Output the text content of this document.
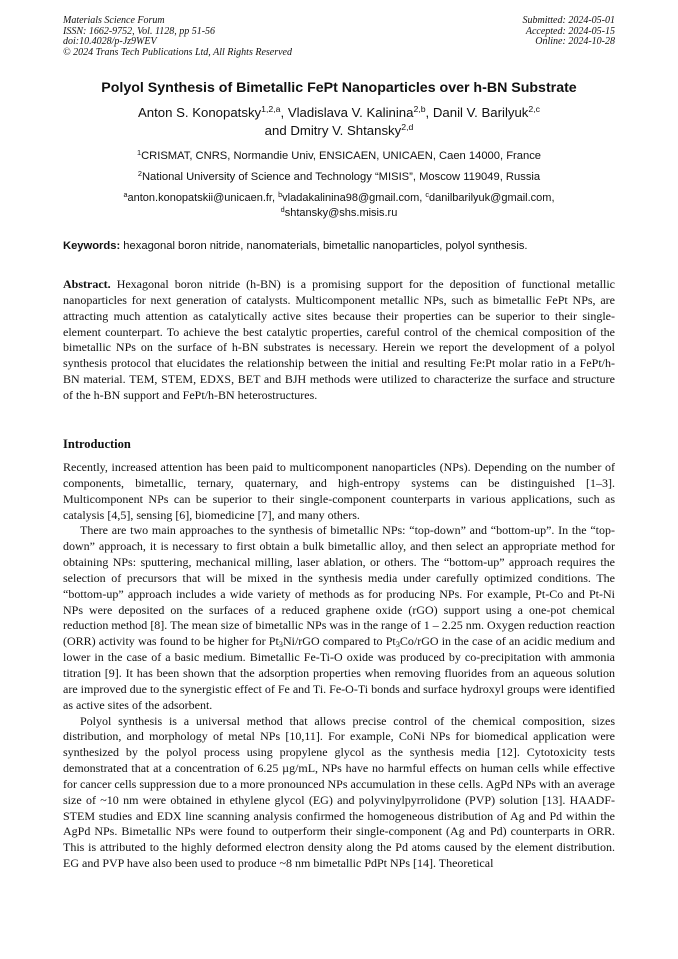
Materials Science Forum
ISSN: 1662-9752, Vol. 1128, pp 51-56
doi:10.4028/p-Jz9WEV
© 2024 Trans Tech Publications Ltd, All Rights Reserved
Submitted: 2024-05-01
Accepted: 2024-05-15
Online: 2024-10-28
Polyol Synthesis of Bimetallic FePt Nanoparticles over h-BN Substrate
Anton S. Konopatsky$^{1,2,a}$, Vladislava V. Kalinina$^{2,b}$, Danil V. Barilyuk$^{2,c}$
and Dmitry V. Shtansky$^{2,d}$
$^1$CRISMAT, CNRS, Normandie Univ, ENSICAEN, UNICAEN, Caen 14000, France
$^2$National University of Science and Technology “MISIS”, Moscow 119049, Russia
$^a$anton.konopatskii@unicaen.fr, $^b$vladakalinina98@gmail.com, $^c$danilbarilyuk@gmail.com,
$^d$shtansky@shs.misis.ru
Keywords: hexagonal boron nitride, nanomaterials, bimetallic nanoparticles, polyol synthesis.

Abstract. Hexagonal boron nitride (h-BN) is a promising support for the deposition of functional metallic nanoparticles for next generation of catalysts. Multicomponent metallic NPs, such as bimetallic FePt NPs, are attracting much attention as catalytically active sites because their properties can be superior to their single-element counterpart. To achieve the best catalytic properties, careful control of the chemical composition of the bimetallic NPs on the surface of h-BN substrates is necessary. Herein we report the development of a polyol synthesis protocol that elucidates the relationship between the initial and resulting Fe:Pt molar ratio in a FePt/h-BN material. TEM, STEM, EDXS, BET and BJH methods were utilized to characterize the surface and structure of the h-BN support and FePt/h-BN heterostructures.

Introduction

Recently, increased attention has been paid to multicomponent nanoparticles (NPs). Depending on the number of components, bimetallic, ternary, quaternary, and high-entropy systems can be distinguished [1–3]. Multicomponent NPs can be superior to their single-component counterparts in various applications, such as catalysis [4,5], sensing [6], biomedicine [7], and many others.

There are two main approaches to the synthesis of bimetallic NPs: “top-down” and “bottom-up”. In the “top-down” approach, it is necessary to first obtain a bulk bimetallic alloy, and then select an appropriate method for obtaining NPs: sputtering, mechanical milling, laser ablation, or others. The “bottom-up” approach requires the selection of precursors that will be mixed in the synthesis media under carefully optimized conditions. The “bottom-up” approach includes a wide variety of methods as for producing NPs. For example, Pt-Co and Pt-Ni NPs were deposited on the surfaces of a reduced graphene oxide (rGO) support using a one-pot chemical reduction method [8]. The mean size of bimetallic NPs was in the range of 1 – 2.25 nm. Oxygen reduction reaction (ORR) activity was found to be higher for $Pt_3Ni$/rGO compared to $Pt_3Co$/rGO in the case of an acidic medium and lower in the case of a basic medium. Bimetallic Fe-Ti-O oxide was produced by co-precipitation with ammonia titration [9]. It has been shown that the adsorption properties when removing fluorides from an aqueous solution are improved due to the synergistic effect of Fe and Ti. Fe-O-Ti bonds and surface hydroxyl groups were identified as active sites of the adsorbent.

Polyol synthesis is a universal method that allows precise control of the chemical composition, sizes distribution, and morphology of metal NPs [10,11]. For example, CoNi NPs for biomedical application were synthesized by the polyol process using propylene glycol as the synthesis media [12]. Cytotoxicity tests demonstrated that at a concentration of 6.25 µg/mL, NPs have no harmful effects on human cells while effective for cancer cells suppression due to a more pronounced NPs accumulation in these cells. AgPd NPs with an average size of ~10 nm were obtained in ethylene glycol (EG) and polyvinylpyrrolidone (PVP) solution [13]. HAADF-STEM studies and EDX line scanning analysis confirmed the homogeneous distribution of Ag and Pd within the AgPd NPs. Bimetallic NPs were found to outperform their single-component (Ag and Pd) counterparts in ORR. This is attributed to the highly deformed electron density along the Pd atoms caused by the element distribution. EG and PVP have also been used to produce ~8 nm bimetallic PdPt NPs [14]. Theoretical
